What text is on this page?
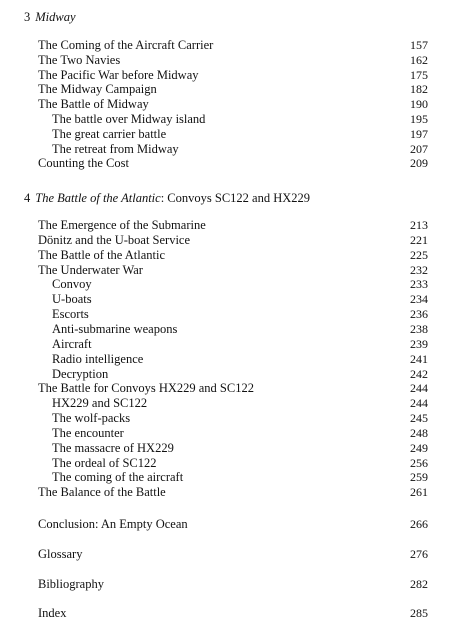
3 Midway
The Coming of the Aircraft Carrier	157
The Two Navies	162
The Pacific War before Midway	175
The Midway Campaign	182
The Battle of Midway	190
The battle over Midway island	195
The great carrier battle	197
The retreat from Midway	207
Counting the Cost	209
4 The Battle of the Atlantic: Convoys SC122 and HX229
The Emergence of the Submarine	213
Dönitz and the U-boat Service	221
The Battle of the Atlantic	225
The Underwater War	232
Convoy	233
U-boats	234
Escorts	236
Anti-submarine weapons	238
Aircraft	239
Radio intelligence	241
Decryption	242
The Battle for Convoys HX229 and SC122	244
HX229 and SC122	244
The wolf-packs	245
The encounter	248
The massacre of HX229	249
The ordeal of SC122	256
The coming of the aircraft	259
The Balance of the Battle	261
Conclusion: An Empty Ocean	266
Glossary	276
Bibliography	282
Index	285
